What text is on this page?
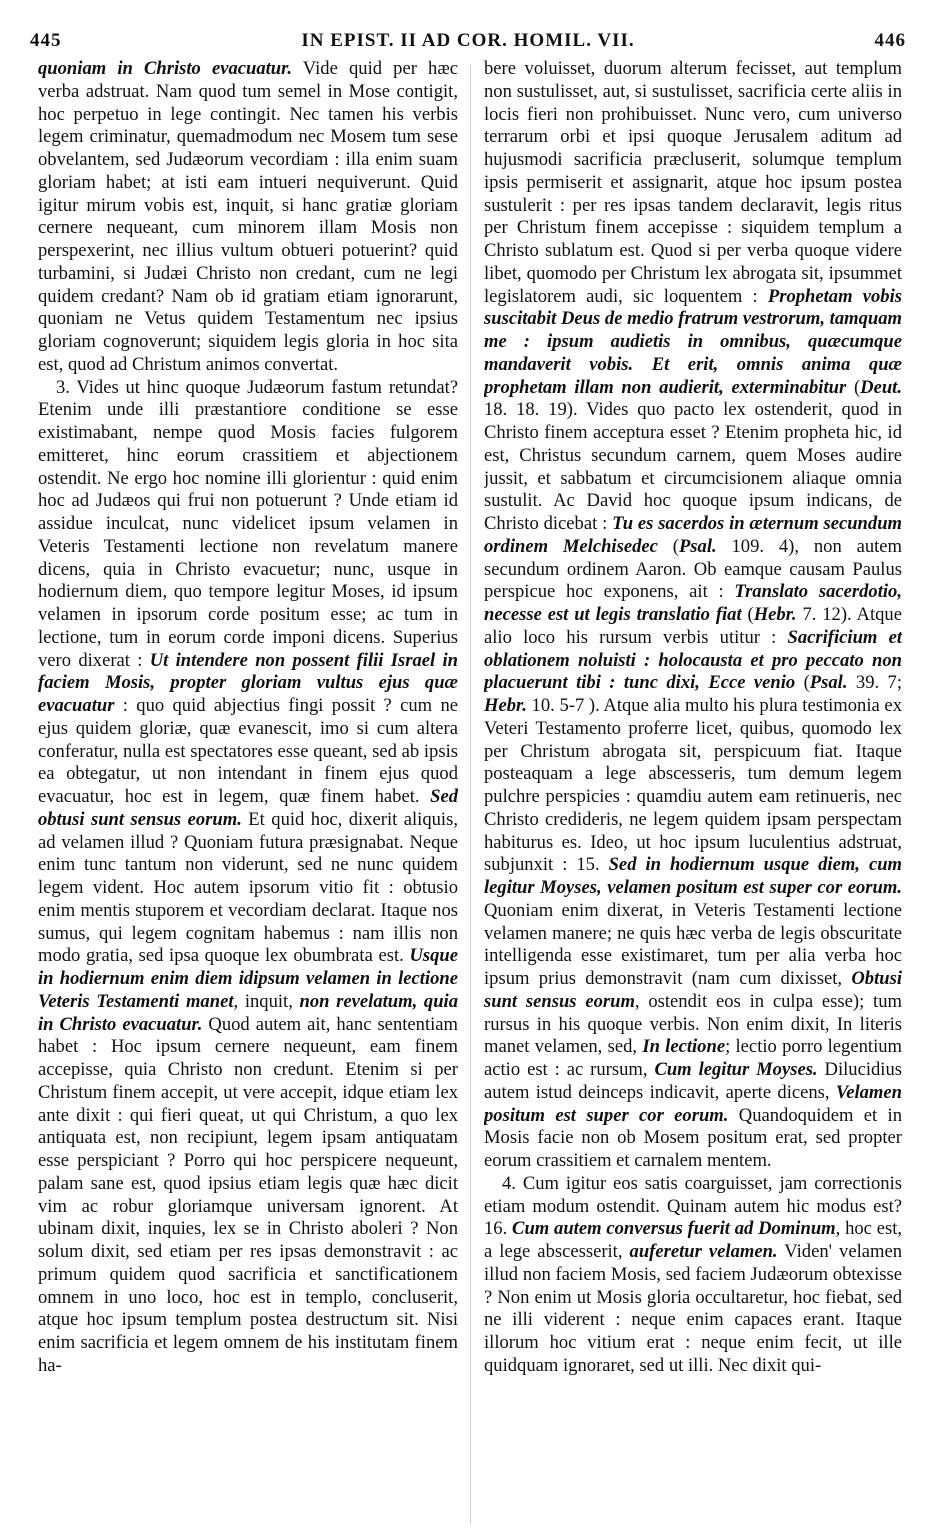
445	IN EPIST. II AD COR. HOMIL. VII.	446

quoniam in Christo evacuatur. Vide quid per hæc verba adstruat. Nam quod tum semel in Mose contigit, hoc perpetuo in lege contingit. Nec tamen his verbis legem criminatur, quemadmodum nec Mosem tum sese obvelantem, sed Judæorum vecordiam : illa enim suam gloriam habet; at isti eam intueri nequiverunt. Quid igitur mirum vobis est, inquit, si hanc gratiæ gloriam cernere nequeant, cum minorem illam Mosis non perspexerint, nec illius vultum obtueri potuerint? quid turbamini, si Judæi Christo non credant, cum ne legi quidem credant? Nam ob id gratiam etiam ignorarunt, quoniam ne Vetus quidem Testamentum nec ipsius gloriam cognoverunt; siquidem legis gloria in hoc sita est, quod ad Christum animos convertat.

3. Vides ut hinc quoque Judæorum fastum retundat? Etenim unde illi præstantiore conditione se esse existimabant, nempe quod Mosis facies fulgorem emitteret, hinc eorum crassitiem et abjectionem ostendit. Ne ergo hoc nomine illi glorientur : quid enim hoc ad Judæos qui frui non potuerunt ? Unde etiam id assidue inculcat, nunc videlicet ipsum velamen in Veteris Testamenti lectione non revelatum manere dicens, quia in Christo evacuetur; nunc, usque in hodiernum diem, quo tempore legitur Moses, id ipsum velamen in ipsorum corde positum esse; ac tum in lectione, tum in eorum corde imponi dicens. Superius vero dixerat : Ut intendere non possent filii Israel in faciem Mosis, propter gloriam vultus ejus quæ evacuatur : quo quid abjectius fingi possit ? cum ne ejus quidem gloriæ, quæ evanescit, imo si cum altera conferatur, nulla est spectatores esse queant, sed ab ipsis ea obtegatur, ut non intendant in finem ejus quod evacuatur, hoc est in legem, quæ finem habet. Sed obtusi sunt sensus eorum. Et quid hoc, dixerit aliquis, ad velamen illud ? Quoniam futura præsignabat. Neque enim tunc tantum non viderunt, sed ne nunc quidem legem vident. Hoc autem ipsorum vitio fit : obtusio enim mentis stuporem et vecordiam declarat. Itaque nos sumus, qui legem cognitam habemus : nam illis non modo gratia, sed ipsa quoque lex obumbrata est. Usque in hodiernum enim diem idipsum velamen in lectione Veteris Testamenti manet, inquit, non revelatum, quia in Christo evacuatur. Quod autem ait, hanc sententiam habet : Hoc ipsum cernere nequeunt, eam finem accepisse, quia Christo non credunt. Etenim si per Christum finem accepit, ut vere accepit, idque etiam lex ante dixit : qui fieri queat, ut qui Christum, a quo lex antiquata est, non recipiunt, legem ipsam antiquatam esse perspiciant ? Porro qui hoc perspicere nequeunt, palam sane est, quod ipsius etiam legis quæ hæc dicit vim ac robur gloriamque universam ignorent. At ubinam dixit, inquies, lex se in Christo aboleri ? Non solum dixit, sed etiam per res ipsas demonstravit : ac primum quidem quod sacrificia et sanctificationem omnem in uno loco, hoc est in templo, concluserit, atque hoc ipsum templum postea destructum sit. Nisi enim sacrificia et legem omnem de his institutam finem ha-

bere voluisset, duorum alterum fecisset, aut templum non sustulisset, aut, si sustulisset, sacrificia certe aliis in locis fieri non prohibuisset. Nunc vero, cum universo terrarum orbi et ipsi quoque Jerusalem aditum ad hujusmodi sacrificia præcluserit, solumque templum ipsis permiserit et assignarit, atque hoc ipsum postea sustulerit : per res ipsas tandem declaravit, legis ritus per Christum finem accepisse : siquidem templum a Christo sublatum est. Quod si per verba quoque videre libet, quomodo per Christum lex abrogata sit, ipsummet legislatorem audi, sic loquentem : Prophetam vobis suscitabit Deus de medio fratrum vestrorum, tamquam me : ipsum audietis in omnibus, quæcumque mandaverit vobis. Et erit, omnis anima quæ prophetam illam non audierit, exterminabitur (Deut. 18. 18. 19). Vides quo pacto lex ostenderit, quod in Christo finem acceptura esset ? Etenim propheta hic, id est, Christus secundum carnem, quem Moses audire jussit, et sabbatum et circumcisionem aliaque omnia sustulit. Ac David hoc quoque ipsum indicans, de Christo dicebat : Tu es sacerdos in æternum secundum ordinem Melchisedec (Psal. 109. 4), non autem secundum ordinem Aaron. Ob eamque causam Paulus perspicue hoc exponens, ait : Translato sacerdotio, necesse est ut legis translatio fiat (Hebr. 7. 12). Atque alio loco his rursum verbis utitur : Sacrificium et oblationem noluisti : holocausta et pro peccato non placuerunt tibi : tunc dixi, Ecce venio (Psal. 39. 7; Hebr. 10. 5-7 ). Atque alia multo his plura testimonia ex Veteri Testamento proferre licet, quibus, quomodo lex per Christum abrogata sit, perspicuum fiat. Itaque posteaquam a lege abscesseris, tum demum legem pulchre perspicies : quamdiu autem eam retinueris, nec Christo credideris, ne legem quidem ipsam perspectam habiturus es. Ideo, ut hoc ipsum luculentius adstruat, subjunxit : 15. Sed in hodiernum usque diem, cum legitur Moyses, velamen positum est super cor eorum. Quoniam enim dixerat, in Veteris Testamenti lectione velamen manere; ne quis hæc verba de legis obscuritate intelligenda esse existimaret, tum per alia verba hoc ipsum prius demonstravit (nam cum dixisset, Obtusi sunt sensus eorum, ostendit eos in culpa esse); tum rursus in his quoque verbis. Non enim dixit, In literis manet velamen, sed, In lectione; lectio porro legentium actio est : ac rursum, Cum legitur Moyses. Dilucidius autem istud deinceps indicavit, aperte dicens, Velamen positum est super cor eorum. Quandoquidem et in Mosis facie non ob Mosem positum erat, sed propter eorum crassitiem et carnalem mentem.

4. Cum igitur eos satis coarguisset, jam correctionis etiam modum ostendit. Quinam autem hic modus est? 16. Cum autem conversus fuerit ad Dominum, hoc est, a lege abscesserit, auferetur velamen. Viden' velamen illud non faciem Mosis, sed faciem Judæorum obtexisse ? Non enim ut Mosis gloria occultaretur, hoc fiebat, sed ne illi viderent : neque enim capaces erant. Itaque illorum hoc vitium erat : neque enim fecit, ut ille quidquam ignoraret, sed ut illi. Nec dixit qui-
